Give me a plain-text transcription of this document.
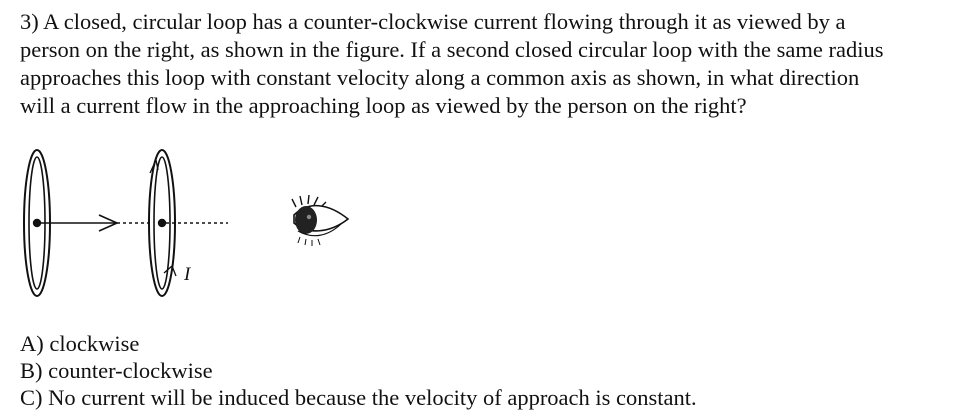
3) A closed, circular loop has a counter-clockwise current flowing through it as viewed by a
person on the right, as shown in the figure. If a second closed circular loop with the same radius
approaches this loop with constant velocity along a common axis as shown, in what direction
will a current flow in the approaching loop as viewed by the person on the right?
I
A) clockwise
B) counter-clockwise
C) No current will be induced because the velocity of approach is constant.
